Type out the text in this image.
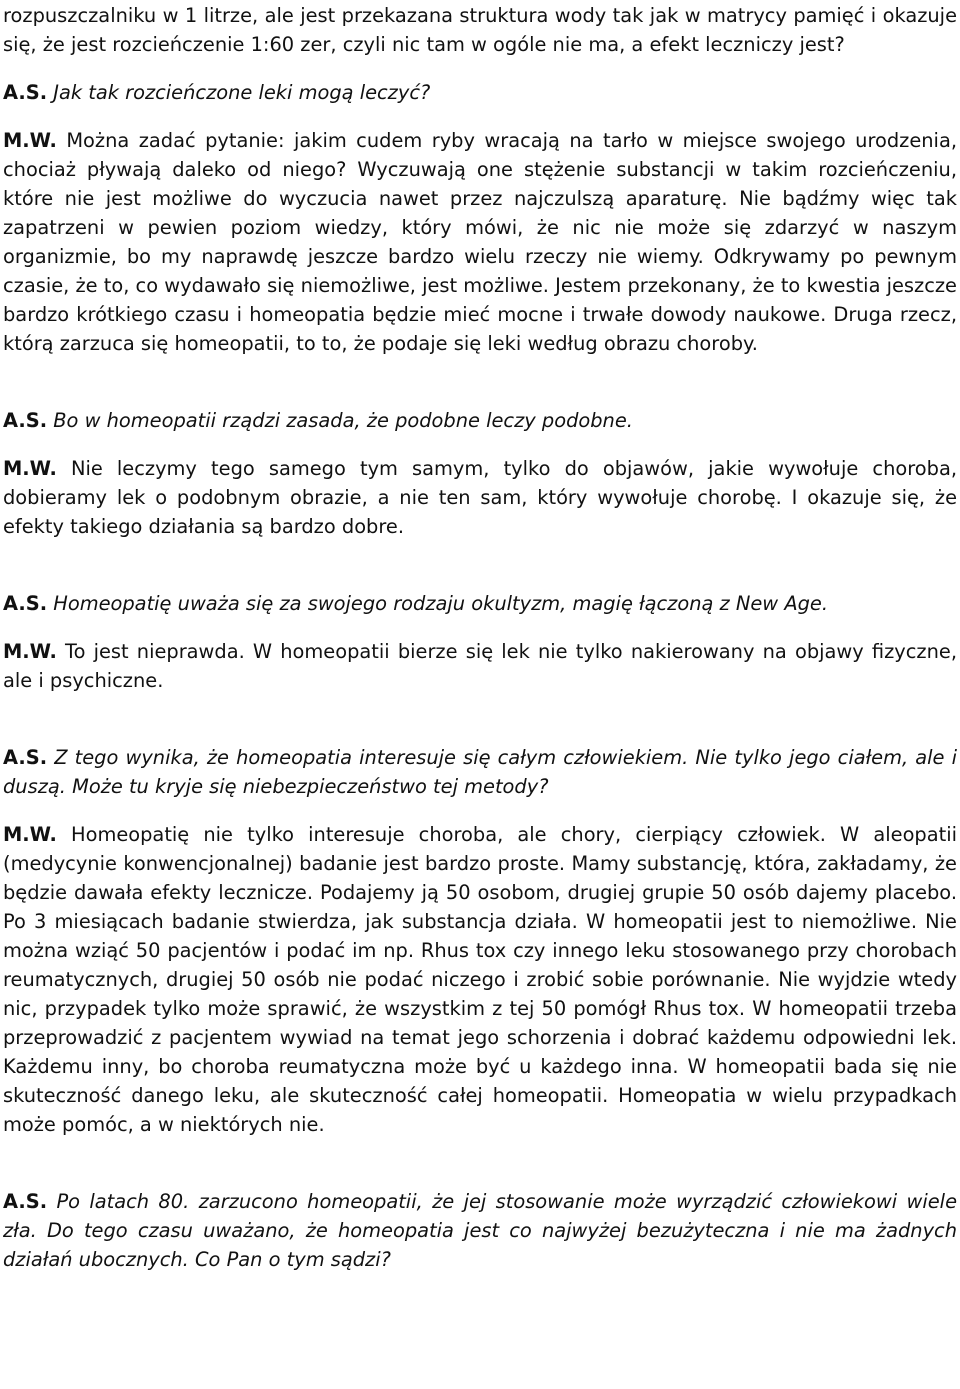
rozpuszczalniku w 1 litrze, ale jest przekazana struktura wody tak jak w matrycy pamięć i okazuje się, że jest rozcieńczenie 1:60 zer, czyli nic tam w ogóle nie ma, a efekt leczniczy jest?

A.S. Jak tak rozcieńczone leki mogą leczyć?

M.W. Można zadać pytanie: jakim cudem ryby wracają na tarło w miejsce swojego urodzenia, chociaż pływają daleko od niego? Wyczuwają one stężenie substancji w takim rozcieńczeniu, które nie jest możliwe do wyczucia nawet przez najczulszą aparaturę. Nie bądźmy więc tak zapatrzeni w pewien poziom wiedzy, który mówi, że nic nie może się zdarzyć w naszym organizmie, bo my naprawdę jeszcze bardzo wielu rzeczy nie wiemy. Odkrywamy po pewnym czasie, że to, co wydawało się niemożliwe, jest możliwe. Jestem przekonany, że to kwestia jeszcze bardzo krótkiego czasu i homeopatia będzie mieć mocne i trwałe dowody naukowe. Druga rzecz, którą zarzuca się homeopatii, to to, że podaje się leki według obrazu choroby.

A.S. Bo w homeopatii rządzi zasada, że podobne leczy podobne.

M.W. Nie leczymy tego samego tym samym, tylko do objawów, jakie wywołuje choroba, dobieramy lek o podobnym obrazie, a nie ten sam, który wywołuje chorobę. I okazuje się, że efekty takiego działania są bardzo dobre.

A.S. Homeopatię uważa się za swojego rodzaju okultyzm, magię łączoną z New Age.

M.W. To jest nieprawda. W homeopatii bierze się lek nie tylko nakierowany na objawy fizyczne, ale i psychiczne.

A.S. Z tego wynika, że homeopatia interesuje się całym człowiekiem. Nie tylko jego ciałem, ale i duszą. Może tu kryje się niebezpieczeństwo tej metody?

M.W. Homeopatię nie tylko interesuje choroba, ale chory, cierpiący człowiek. W aleopatii (medycynie konwencjonalnej) badanie jest bardzo proste. Mamy substancję, która, zakładamy, że będzie dawała efekty lecznicze. Podajemy ją 50 osobom, drugiej grupie 50 osób dajemy placebo. Po 3 miesiącach badanie stwierdza, jak substancja działa. W homeopatii jest to niemożliwe. Nie można wziąć 50 pacjentów i podać im np. Rhus tox czy innego leku stosowanego przy chorobach reumatycznych, drugiej 50 osób nie podać niczego i zrobić sobie porównanie. Nie wyjdzie wtedy nic, przypadek tylko może sprawić, że wszystkim z tej 50 pomógł Rhus tox. W homeopatii trzeba przeprowadzić z pacjentem wywiad na temat jego schorzenia i dobrać każdemu odpowiedni lek. Każdemu inny, bo choroba reumatyczna może być u każdego inna. W homeopatii bada się nie skuteczność danego leku, ale skuteczność całej homeopatii. Homeopatia w wielu przypadkach może pomóc, a w niektórych nie.

A.S. Po latach 80. zarzucono homeopatii, że jej stosowanie może wyrządzić człowiekowi wiele zła. Do tego czasu uważano, że homeopatia jest co najwyżej bezużyteczna i nie ma żadnych działań ubocznych. Co Pan o tym sądzi?
